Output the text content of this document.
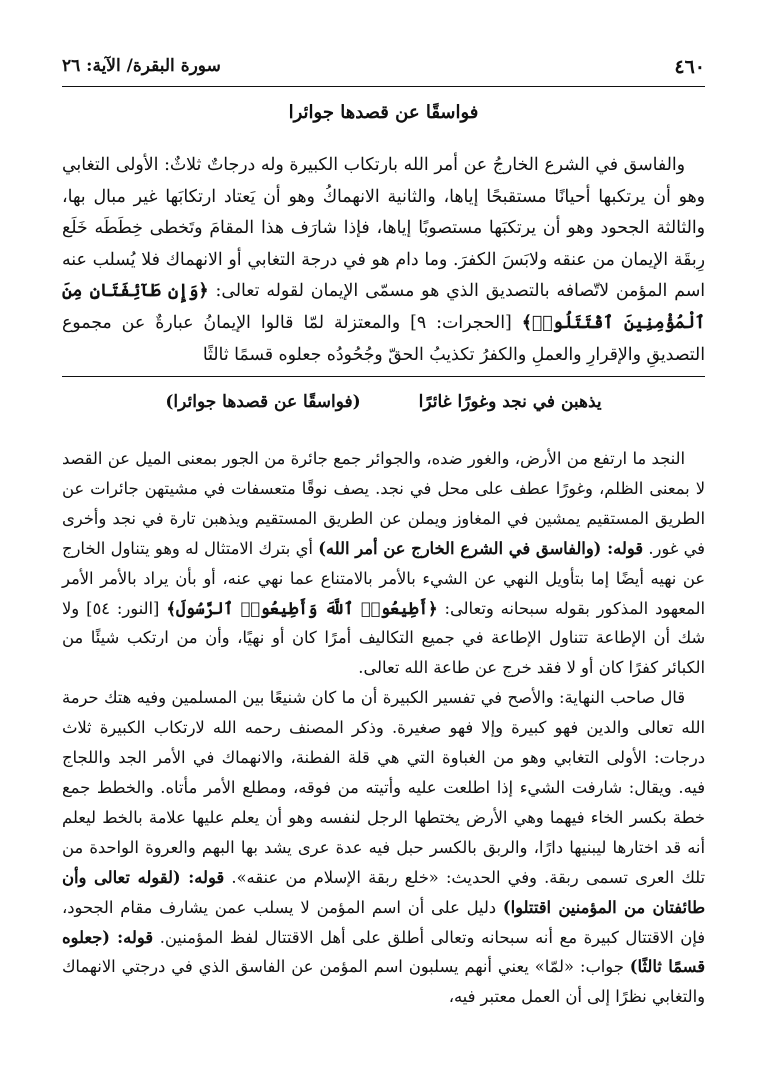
٤٦٠
سورة البقرة/ الآية: ٢٦
فواسقًا عن قصدها جوائرا

والفاسق في الشرع الخارجُ عن أمر الله بارتكاب الكبيرة وله درجاتٌ ثلاثٌ: الأولى التغابي وهو أن يرتكبها أحيانًا مستقبحًا إياها، والثانية الانهماكُ وهو أن يَعتاد ارتكابَها غير مبال بها، والثالثة الجحود وهو أن يرتكبَها مستصوبًا إياها، فإذا شارَف هذا المقامَ وتَخطى خِطَطَه خَلَع رِبقَة الإيمان من عنقه ولابَسَ الكفرَ. وما دام هو في درجة التغابي أو الانهماك فلا يُسلب عنه اسم المؤمن لاتّصافه بالتصديق الذي هو مسمّى الإيمان لقوله تعالى: ﴿وَإِن طَآئِفَتَانِ مِنَ ٱلْمُؤْمِنِينَ ٱقْتَتَلُوا۟﴾ [الحجرات: ٩] والمعتزلة لمّا قالوا الإيمانُ عبارةٌ عن مجموع التصديقِ والإقرارِ والعملِ والكفرُ تكذيبُ الحقّ وجُحُودُه جعلوه قسمًا ثالثًا

يذهبن في نجد وغورًا غائرًا (فواسقًا عن قصدها جوائرا)

النجد ما ارتفع من الأرض، والغور ضده، والجوائر جمع جائرة من الجور بمعنى الميل عن القصد لا بمعنى الظلم، وغورًا عطف على محل في نجد. يصف نوقًا متعسفات في مشيتهن جائرات عن الطريق المستقيم يمشين في المغاوز ويملن عن الطريق المستقيم ويذهبن تارة في نجد وأخرى في غور. قوله: (والفاسق في الشرع الخارج عن أمر الله) أي بترك الامتثال له وهو يتناول الخارج عن نهيه أيضًا إما بتأويل النهي عن الشيء بالأمر بالامتناع عما نهي عنه، أو بأن يراد بالأمر الأمر المعهود المذكور بقوله سبحانه وتعالى: ﴿أَطِيعُوا۟ ٱللَّهَ وَأَطِيعُوا۟ ٱلرَّسُولَ﴾ [النور: ٥٤] ولا شك أن الإطاعة تتناول الإطاعة في جميع التكاليف أمرًا كان أو نهيًا، وأن من ارتكب شيئًا من الكبائر كفرًا كان أو لا فقد خرج عن طاعة الله تعالى.

قال صاحب النهاية: والأصح في تفسير الكبيرة أن ما كان شنيعًا بين المسلمين وفيه هتك حرمة الله تعالى والدين فهو كبيرة وإلا فهو صغيرة. وذكر المصنف رحمه الله لارتكاب الكبيرة ثلاث درجات: الأولى التغابي وهو من الغباوة التي هي قلة الفطنة، والانهماك في الأمر الجد واللجاج فيه. ويقال: شارفت الشيء إذا اطلعت عليه وأتيته من فوقه، ومطلع الأمر مأتاه. والخطط جمع خطة بكسر الخاء فيهما وهي الأرض يختطها الرجل لنفسه وهو أن يعلم عليها علامة بالخط ليعلم أنه قد اختارها ليبنيها دارًا، والربق بالكسر حبل فيه عدة عرى يشد بها البهم والعروة الواحدة من تلك العرى تسمى ربقة. وفي الحديث: «خلع ربقة الإسلام من عنقه». قوله: (لقوله تعالى وأن طائفتان من المؤمنين اقتتلوا) دليل على أن اسم المؤمن لا يسلب عمن يشارف مقام الجحود، فإن الاقتتال كبيرة مع أنه سبحانه وتعالى أطلق على أهل الاقتتال لفظ المؤمنين. قوله: (جعلوه قسمًا ثالثًا) جواب: «لمّا» يعني أنهم يسلبون اسم المؤمن عن الفاسق الذي في درجتي الانهماك والتغابي نظرًا إلى أن العمل معتبر فيه،
